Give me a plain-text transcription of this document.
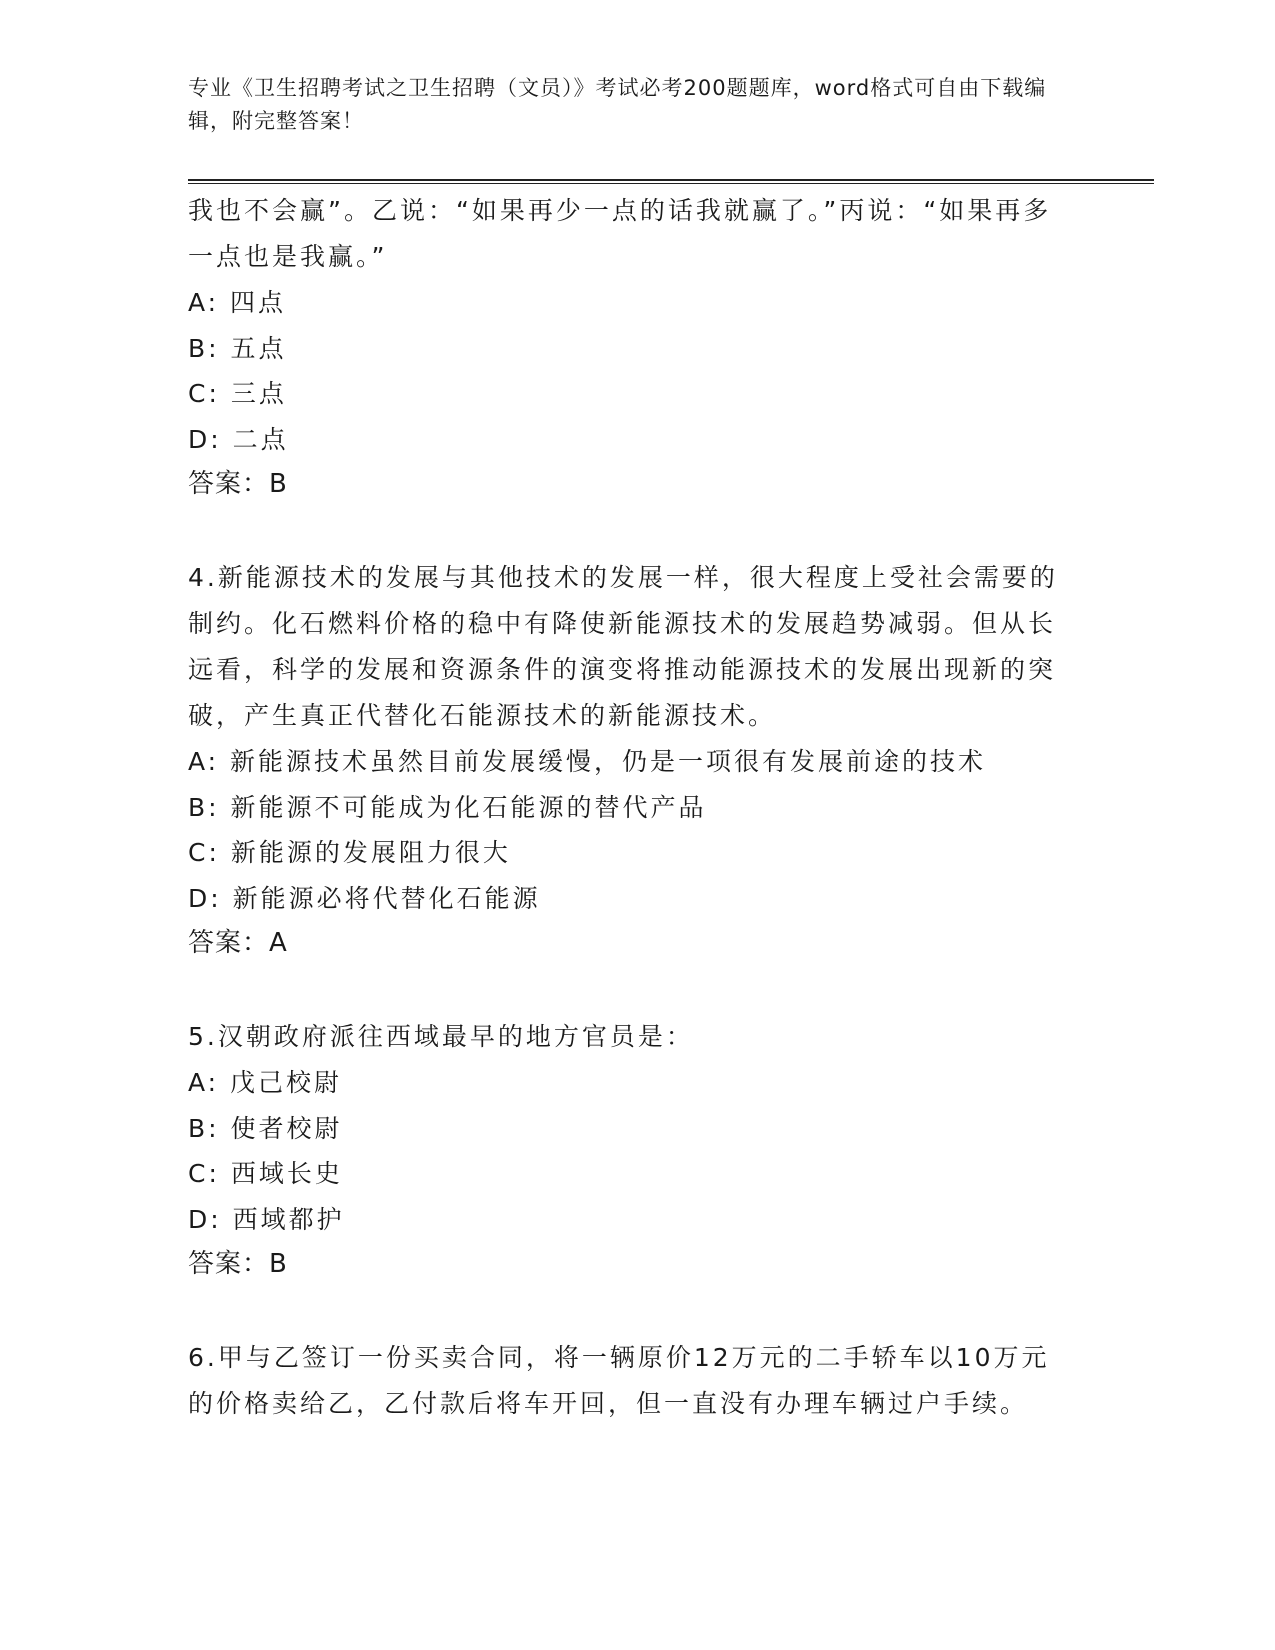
专业《卫生招聘考试之卫生招聘（文员）》考试必考200题题库，word格式可自由下载编辑，附完整答案！

我也不会赢”。乙说：“如果再少一点的话我就赢了。”丙说：“如果再多一点也是我赢。”

A: 四点

B: 五点

C: 三点

D: 二点

答案：B

4.新能源技术的发展与其他技术的发展一样，很大程度上受社会需要的制约。化石燃料价格的稳中有降使新能源技术的发展趋势减弱。但从长远看，科学的发展和资源条件的演变将推动能源技术的发展出现新的突破，产生真正代替化石能源技术的新能源技术。

A: 新能源技术虽然目前发展缓慢，仍是一项很有发展前途的技术

B: 新能源不可能成为化石能源的替代产品

C: 新能源的发展阻力很大

D: 新能源必将代替化石能源

答案：A

5.汉朝政府派往西域最早的地方官员是：

A: 戊己校尉

B: 使者校尉

C: 西域长史

D: 西域都护

答案：B

6.甲与乙签订一份买卖合同，将一辆原价12万元的二手轿车以10万元的价格卖给乙，乙付款后将车开回，但一直没有办理车辆过户手续。
